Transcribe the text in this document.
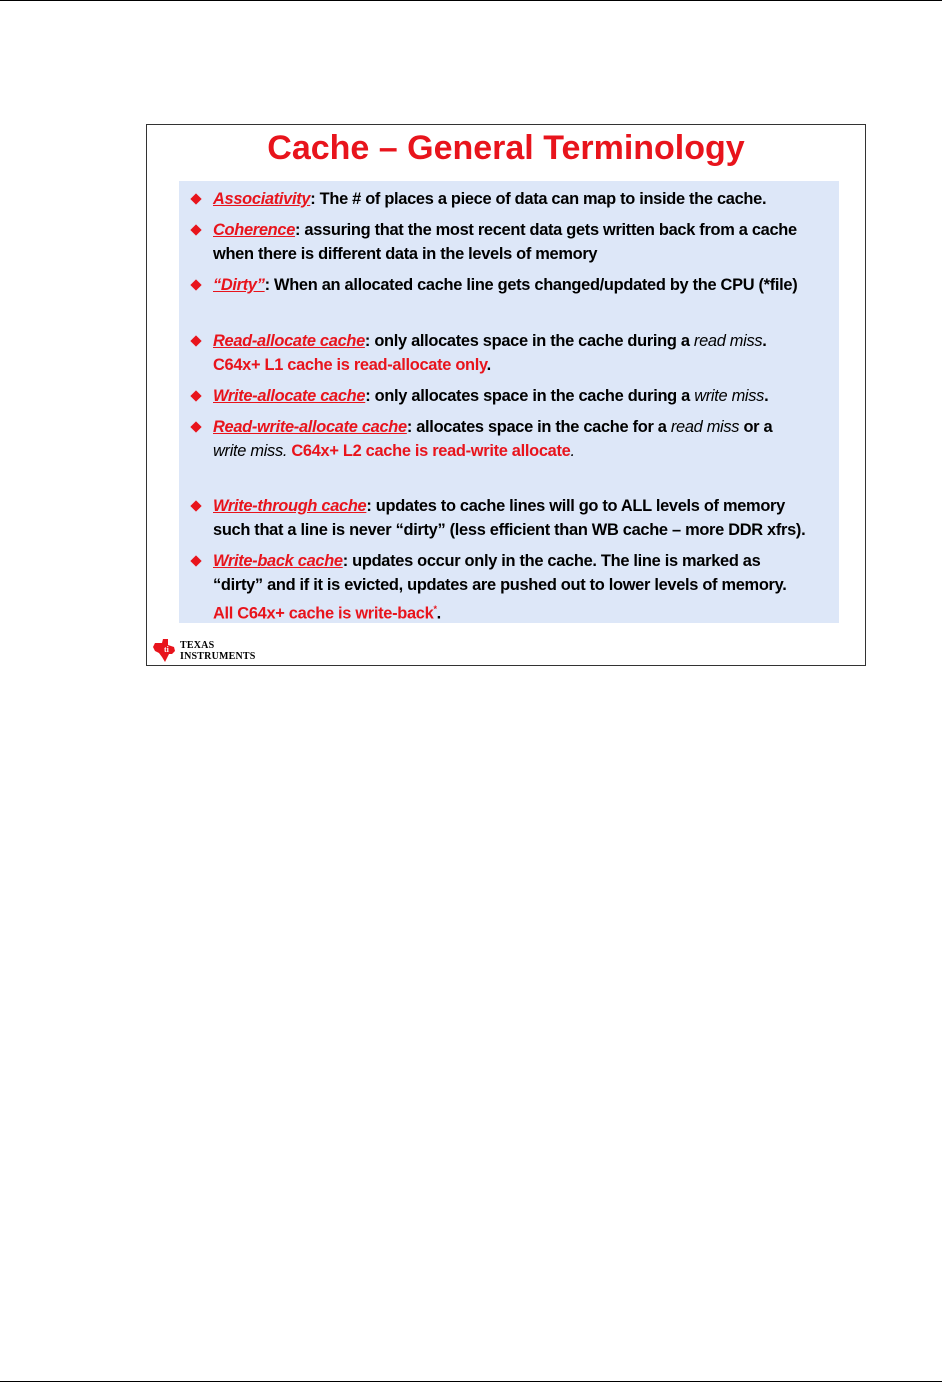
Cache – General Terminology
Associativity: The # of places a piece of data can map to inside the cache.
Coherence: assuring that the most recent data gets written back from a cache
when there is different data in the levels of memory
“Dirty”: When an allocated cache line gets changed/updated by the CPU (*file)
Read-allocate cache: only allocates space in the cache during a read miss.
C64x+ L1 cache is read-allocate only.
Write-allocate cache: only allocates space in the cache during a write miss.
Read-write-allocate cache: allocates space in the cache for a read miss or a
write miss. C64x+ L2 cache is read-write allocate.
Write-through cache: updates to cache lines will go to ALL levels of memory
such that a line is never “dirty” (less efficient than WB cache – more DDR xfrs).
Write-back cache: updates occur only in the cache. The line is marked as
“dirty” and if it is evicted, updates are pushed out to lower levels of memory.
All C64x+ cache is write-back*.
ti TEXAS
INSTRUMENTS
